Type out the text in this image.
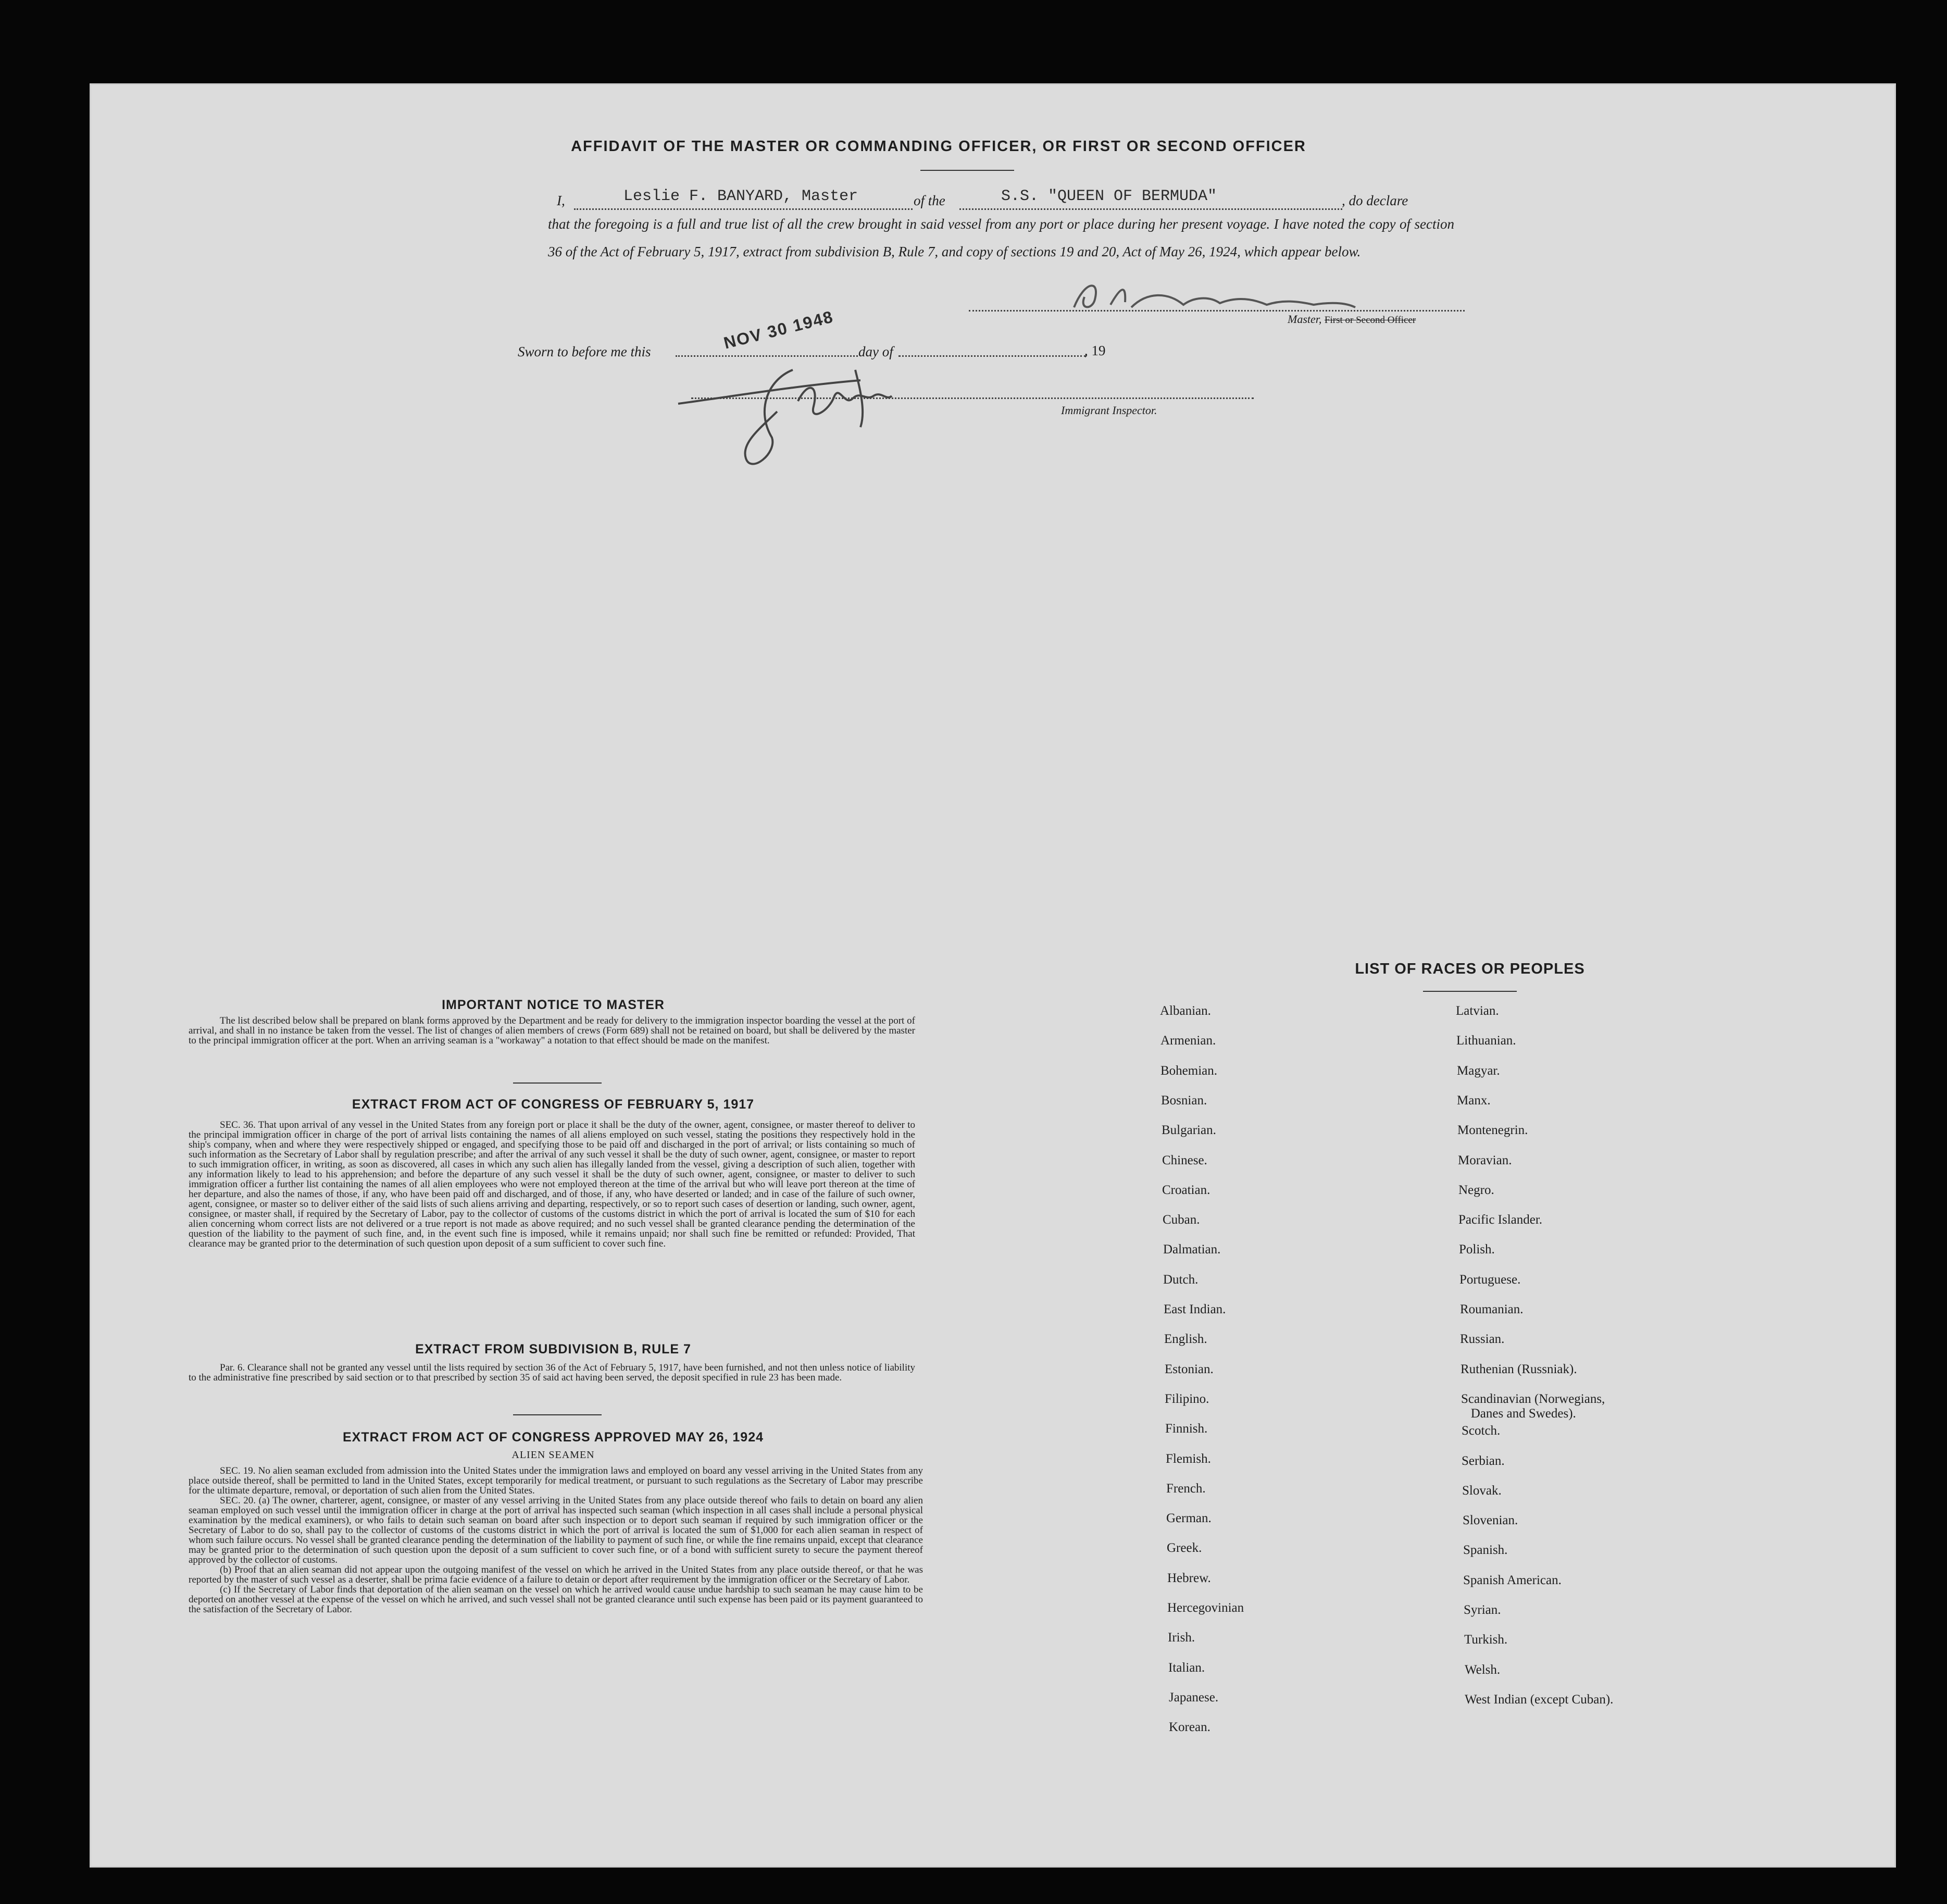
AFFIDAVIT OF THE MASTER OR COMMANDING OFFICER, OR FIRST OR SECOND OFFICER
I,	Leslie F. BANYARD, Master	of the	S.S. "QUEEN OF BERMUDA"	, do declare
that the foregoing is a full and true list of all the crew brought in said vessel from any port or place during her present voyage. I have noted the copy of section 36 of the Act of February 5, 1917, extract from subdivision B, Rule 7, and copy of sections 19 and 20, Act of May 26, 1924, which appear below.
Master, First or Second Officer
Sworn to before me this	day of	, 19
NOV 30 1948
Immigrant Inspector.
IMPORTANT NOTICE TO MASTER
The list described below shall be prepared on blank forms approved by the Department and be ready for delivery to the immigration inspector boarding the vessel at the port of arrival, and shall in no instance be taken from the vessel. The list of changes of alien members of crews (Form 689) shall not be retained on board, but shall be delivered by the master to the principal immigration officer at the port. When an arriving seaman is a "workaway" a notation to that effect should be made on the manifest.
EXTRACT FROM ACT OF CONGRESS OF FEBRUARY 5, 1917
SEC. 36. That upon arrival of any vessel in the United States from any foreign port or place it shall be the duty of the owner, agent, consignee, or master thereof to deliver to the principal immigration officer in charge of the port of arrival lists containing the names of all aliens employed on such vessel, stating the positions they respectively hold in the ship's company, when and where they were respectively shipped or engaged, and specifying those to be paid off and discharged in the port of arrival; or lists containing so much of such information as the Secretary of Labor shall by regulation prescribe; and after the arrival of any such vessel it shall be the duty of such owner, agent, consignee, or master to report to such immigration officer, in writing, as soon as discovered, all cases in which any such alien has illegally landed from the vessel, giving a description of such alien, together with any information likely to lead to his apprehension; and before the departure of any such vessel it shall be the duty of such owner, agent, consignee, or master to deliver to such immigration officer a further list containing the names of all alien employees who were not employed thereon at the time of the arrival but who will leave port thereon at the time of her departure, and also the names of those, if any, who have been paid off and discharged, and of those, if any, who have deserted or landed; and in case of the failure of such owner, agent, consignee, or master so to deliver either of the said lists of such aliens arriving and departing, respectively, or so to report such cases of desertion or landing, such owner, agent, consignee, or master shall, if required by the Secretary of Labor, pay to the collector of customs of the customs district in which the port of arrival is located the sum of $10 for each alien concerning whom correct lists are not delivered or a true report is not made as above required; and no such vessel shall be granted clearance pending the determination of the question of the liability to the payment of such fine, and, in the event such fine is imposed, while it remains unpaid; nor shall such fine be remitted or refunded: Provided, That clearance may be granted prior to the determination of such question upon deposit of a sum sufficient to cover such fine.
EXTRACT FROM SUBDIVISION B, RULE 7
Par. 6. Clearance shall not be granted any vessel until the lists required by section 36 of the Act of February 5, 1917, have been furnished, and not then unless notice of liability to the administrative fine prescribed by said section or to that prescribed by section 35 of said act having been served, the deposit specified in rule 23 has been made.
EXTRACT FROM ACT OF CONGRESS APPROVED MAY 26, 1924
ALIEN SEAMEN
SEC. 19. No alien seaman excluded from admission into the United States under the immigration laws and employed on board any vessel arriving in the United States from any place outside thereof, shall be permitted to land in the United States, except temporarily for medical treatment, or pursuant to such regulations as the Secretary of Labor may prescribe for the ultimate departure, removal, or deportation of such alien from the United States.
SEC. 20. (a) The owner, charterer, agent, consignee, or master of any vessel arriving in the United States from any place outside thereof who fails to detain on board any alien seaman employed on such vessel until the immigration officer in charge at the port of arrival has inspected such seaman (which inspection in all cases shall include a personal physical examination by the medical examiners), or who fails to detain such seaman on board after such inspection or to deport such seaman if required by such immigration officer or the Secretary of Labor to do so, shall pay to the collector of customs of the customs district in which the port of arrival is located the sum of $1,000 for each alien seaman in respect of whom such failure occurs. No vessel shall be granted clearance pending the determination of the liability to payment of such fine, or while the fine remains unpaid, except that clearance may be granted prior to the determination of such question upon the deposit of a sum sufficient to cover such fine, or of a bond with sufficient surety to secure the payment thereof approved by the collector of customs.
(b) Proof that an alien seaman did not appear upon the outgoing manifest of the vessel on which he arrived in the United States from any place outside thereof, or that he was reported by the master of such vessel as a deserter, shall be prima facie evidence of a failure to detain or deport after requirement by the immigration officer or the Secretary of Labor.
(c) If the Secretary of Labor finds that deportation of the alien seaman on the vessel on which he arrived would cause undue hardship to such seaman he may cause him to be deported on another vessel at the expense of the vessel on which he arrived, and such vessel shall not be granted clearance until such expense has been paid or its payment guaranteed to the satisfaction of the Secretary of Labor.
LIST OF RACES OR PEOPLES
Albanian.
Armenian.
Bohemian.
Bosnian.
Bulgarian.
Chinese.
Croatian.
Cuban.
Dalmatian.
Dutch.
East Indian.
English.
Estonian.
Filipino.
Finnish.
Flemish.
French.
German.
Greek.
Hebrew.
Hercegovinian
Irish.
Italian.
Japanese.
Korean.
Latvian.
Lithuanian.
Magyar.
Manx.
Montenegrin.
Moravian.
Negro.
Pacific Islander.
Polish.
Portuguese.
Roumanian.
Russian.
Ruthenian (Russniak).
Scandinavian (Norwegians,
Danes and Swedes).
Scotch.
Serbian.
Slovak.
Slovenian.
Spanish.
Spanish American.
Syrian.
Turkish.
Welsh.
West Indian (except Cuban).
